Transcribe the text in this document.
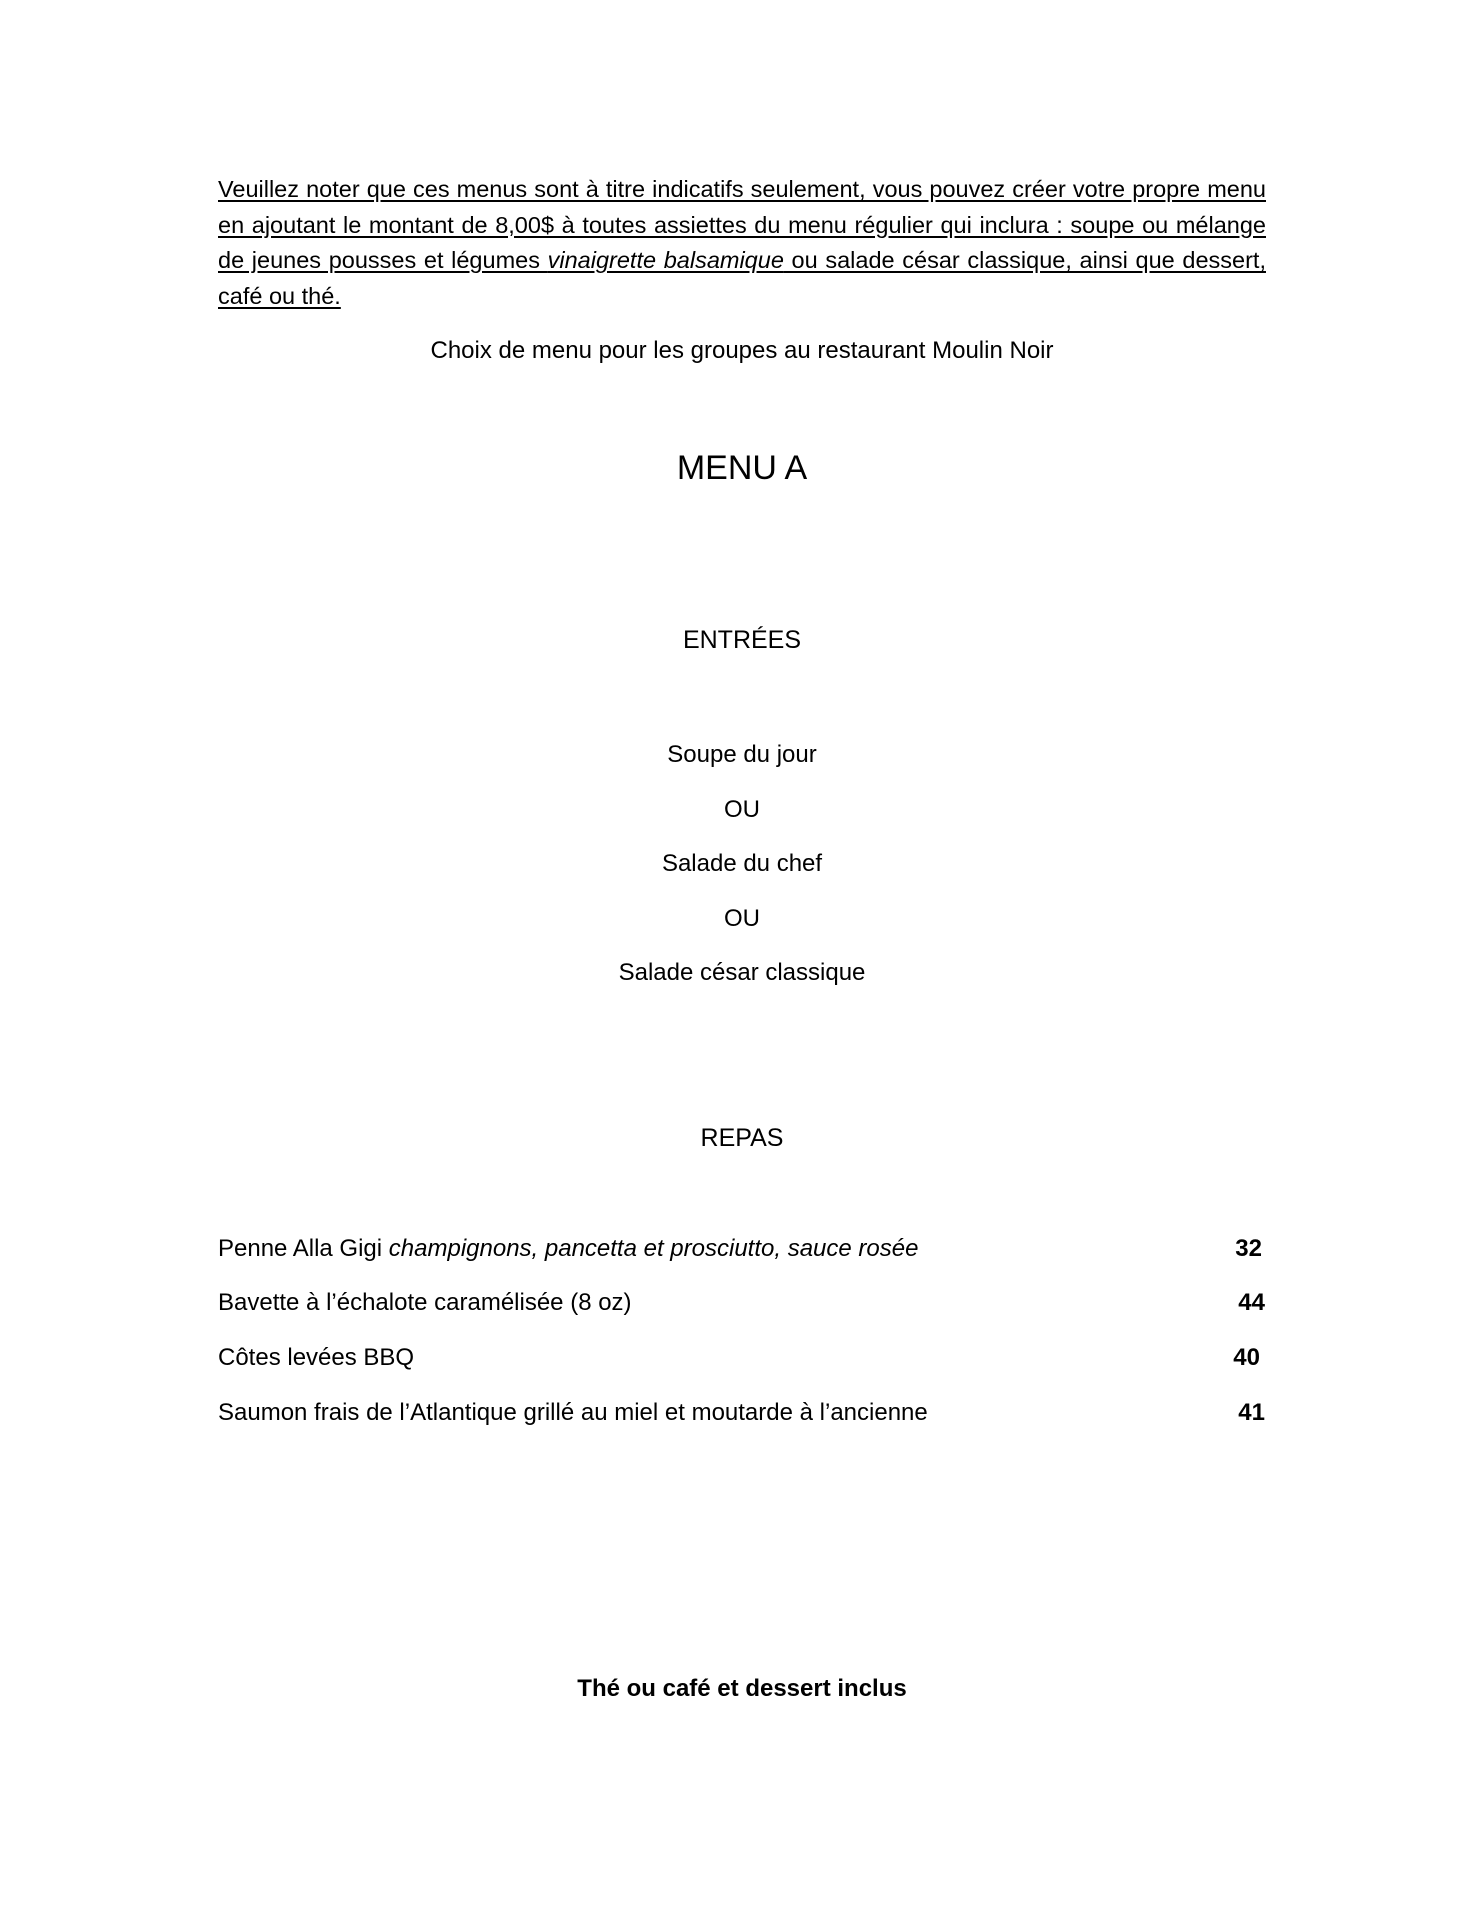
Veuillez noter que ces menus sont à titre indicatifs seulement, vous pouvez créer votre propre menu en ajoutant le montant de 8,00$ à toutes assiettes du menu régulier qui inclura : soupe ou mélange de jeunes pousses et légumes vinaigrette balsamique ou salade césar classique, ainsi que dessert, café ou thé.

Choix de menu pour les groupes au restaurant Moulin Noir
MENU A
ENTRÉES
Soupe du jour
OU
Salade du chef
OU
Salade césar classique
REPAS
Penne Alla Gigi champignons, pancetta et prosciutto, sauce rosée	32
Bavette à l’échalote caramélisée (8 oz)	44
Côtes levées BBQ	40
Saumon frais de l’Atlantique grillé au miel et moutarde à l’ancienne	41
Thé ou café et dessert inclus
